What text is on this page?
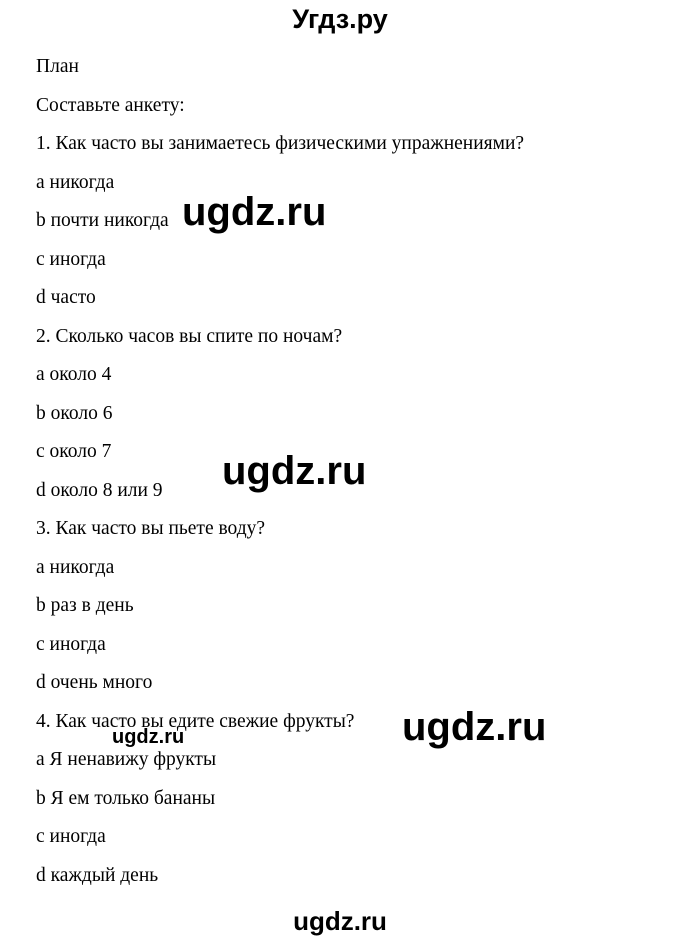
Угдз.ру
План
Составьте анкету:
1. Как часто вы занимаетесь физическими упражнениями?
a никогда
b почти никогда
c иногда
d часто
2. Сколько часов вы спите по ночам?
a около 4
b около 6
c около 7
d около 8 или 9
3. Как часто вы пьете воду?
a никогда
b раз в день
c иногда
d очень много
4. Как часто вы едите свежие фрукты?
a Я ненавижу фрукты
b Я ем только бананы
c иногда
d каждый день
ugdz.ru
ugdz.ru
ugdz.ru
ugdz.ru
ugdz.ru
